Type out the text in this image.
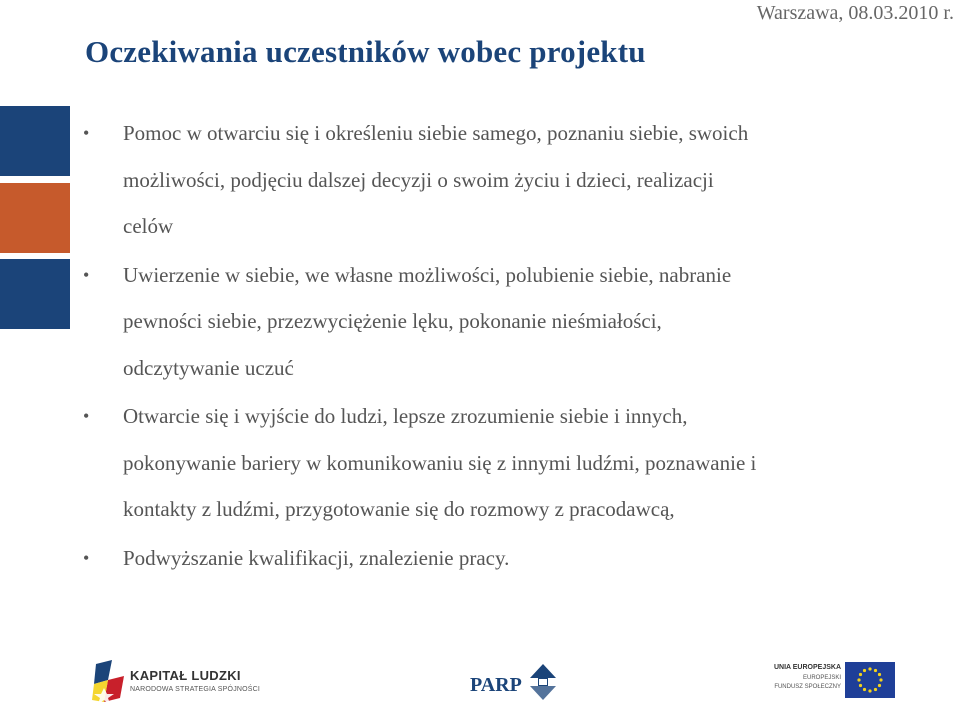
Warszawa, 08.03.2010 r.
Oczekiwania uczestników wobec projektu
• Pomoc w otwarciu się i określeniu siebie samego, poznaniu siebie, swoich
możliwości, podjęciu dalszej decyzji o swoim życiu i dzieci, realizacji
celów
• Uwierzenie w siebie, we własne możliwości, polubienie siebie, nabranie
pewności siebie, przezwyciężenie lęku, pokonanie nieśmiałości,
odczytywanie uczuć
• Otwarcie się i wyjście do ludzi, lepsze zrozumienie siebie i innych,
pokonywanie bariery w komunikowaniu się z innymi ludźmi, poznawanie i
kontakty z ludźmi, przygotowanie się do rozmowy z pracodawcą,
• Podwyższanie kwalifikacji, znalezienie pracy.
KAPITAŁ LUDZKI
NARODOWA STRATEGIA SPÓJNOŚCI	PARP
UNIA EUROPEJSKA
EUROPEJSKI
FUNDUSZ SPOŁECZNY
